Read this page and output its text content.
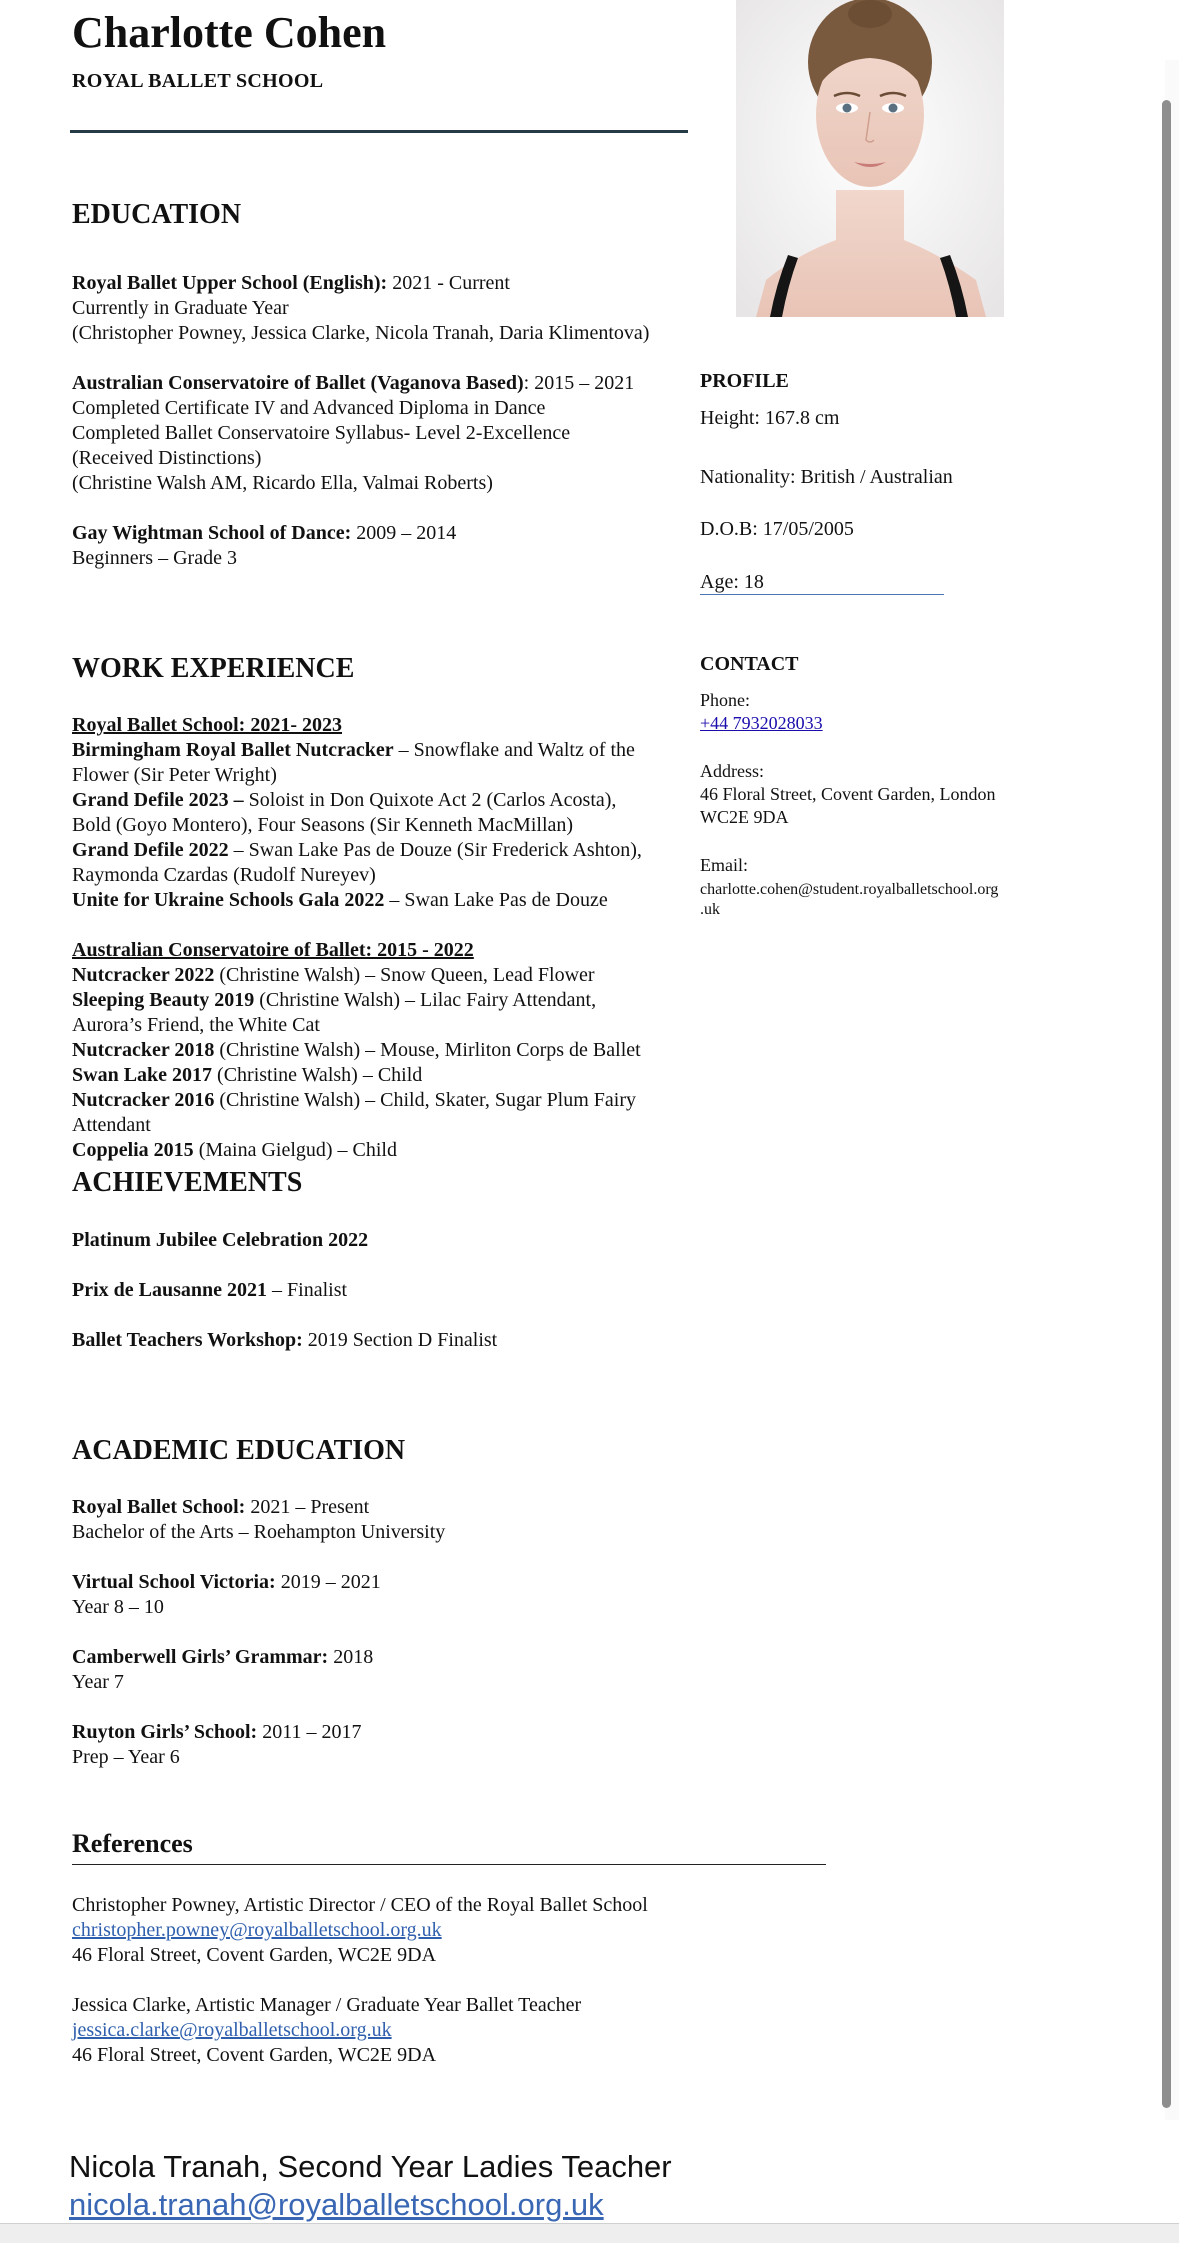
Charlotte Cohen
ROYAL BALLET SCHOOL
EDUCATION
Royal Ballet Upper School (English): 2021 - Current
Currently in Graduate Year
(Christopher Powney, Jessica Clarke, Nicola Tranah, Daria Klimentova)
Australian Conservatoire of Ballet (Vaganova Based): 2015 – 2021
Completed Certificate IV and Advanced Diploma in Dance
Completed Ballet Conservatoire Syllabus- Level 2-Excellence
(Received Distinctions)
(Christine Walsh AM, Ricardo Ella, Valmai Roberts)
Gay Wightman School of Dance: 2009 – 2014
Beginners – Grade 3
PROFILE
Height: 167.8 cm
Nationality: British / Australian
D.O.B: 17/05/2005
Age: 18
CONTACT
Phone:
+44 7932028033
Address:
46 Floral Street, Covent Garden, London
WC2E 9DA
Email:
charlotte.cohen@student.royalballetschool.org
.uk
WORK EXPERIENCE
Royal Ballet School: 2021- 2023
Birmingham Royal Ballet Nutcracker – Snowflake and Waltz of the
Flower (Sir Peter Wright)
Grand Defile 2023 – Soloist in Don Quixote Act 2 (Carlos Acosta),
Bold (Goyo Montero), Four Seasons (Sir Kenneth MacMillan)
Grand Defile 2022 – Swan Lake Pas de Douze (Sir Frederick Ashton),
Raymonda Czardas (Rudolf Nureyev)
Unite for Ukraine Schools Gala 2022 – Swan Lake Pas de Douze
Australian Conservatoire of Ballet: 2015 - 2022
Nutcracker 2022 (Christine Walsh) – Snow Queen, Lead Flower
Sleeping Beauty 2019 (Christine Walsh) – Lilac Fairy Attendant,
Aurora’s Friend, the White Cat
Nutcracker 2018 (Christine Walsh) – Mouse, Mirliton Corps de Ballet
Swan Lake 2017 (Christine Walsh) – Child
Nutcracker 2016 (Christine Walsh) – Child, Skater, Sugar Plum Fairy
Attendant
Coppelia 2015 (Maina Gielgud) – Child
ACHIEVEMENTS
Platinum Jubilee Celebration 2022
Prix de Lausanne 2021 – Finalist
Ballet Teachers Workshop: 2019 Section D Finalist
ACADEMIC EDUCATION
Royal Ballet School: 2021 – Present
Bachelor of the Arts – Roehampton University
Virtual School Victoria: 2019 – 2021
Year 8 – 10
Camberwell Girls’ Grammar: 2018
Year 7
Ruyton Girls’ School: 2011 – 2017
Prep – Year 6
References
Christopher Powney, Artistic Director / CEO of the Royal Ballet School
christopher.powney@royalballetschool.org.uk
46 Floral Street, Covent Garden, WC2E 9DA
Jessica Clarke, Artistic Manager / Graduate Year Ballet Teacher
jessica.clarke@royalballetschool.org.uk
46 Floral Street, Covent Garden, WC2E 9DA
Nicola Tranah, Second Year Ladies Teacher
nicola.tranah@royalballetschool.org.uk
